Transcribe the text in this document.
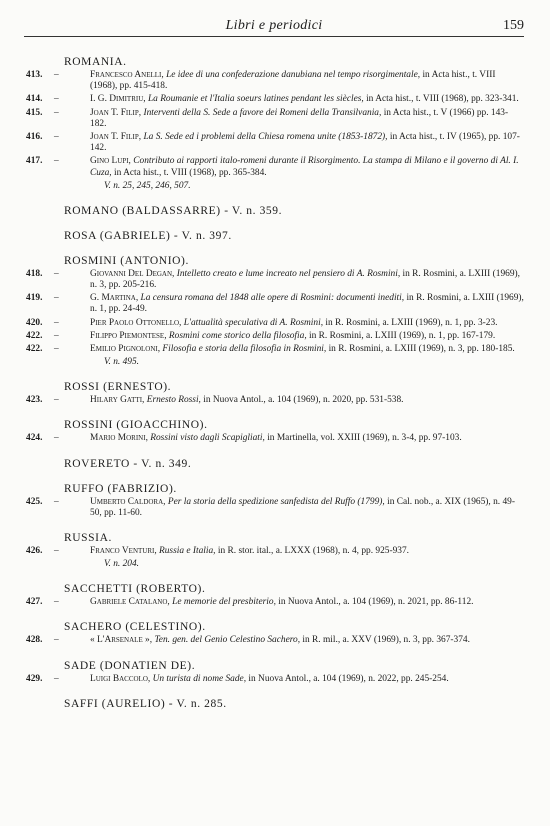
Libri e periodici	159
ROMANIA.
413. –	Francesco Anelli, Le idee di una confederazione danubiana nel tempo risorgimentale, in Acta hist., t. VIII (1968), pp. 415-418.
414. –	I. G. Dimitriu, La Roumanie et l'Italia soeurs latines pendant les siècles, in Acta hist., t. VIII (1968), pp. 323-341.
415. –	Joan T. Filip, Interventi della S. Sede a favore dei Romeni della Transilvania, in Acta hist., t. V (1966) pp. 143-182.
416. –	Joan T. Filip, La S. Sede ed i problemi della Chiesa romena unite (1853-1872), in Acta hist., t. IV (1965), pp. 107-142.
417. –	Gino Lupi, Contributo ai rapporti italo-romeni durante il Risorgimento. La stampa di Milano e il governo di Al. I. Cuza, in Acta hist., t. VIII (1968), pp. 365-384.
V. n. 25, 245, 246, 507.
ROMANO (BALDASSARRE) - V. n. 359.
ROSA (GABRIELE) - V. n. 397.
ROSMINI (ANTONIO).
418. –	Giovanni Del Degan, Intelletto creato e lume increato nel pensiero di A. Rosmini, in R. Rosmini, a. LXIII (1969), n. 3, pp. 205-216.
419. –	G. Martina, La censura romana del 1848 alle opere di Rosmini: documenti inediti, in R. Rosmini, a. LXIII (1969), n. 1, pp. 24-49.
420. –	Pier Paolo Ottonello, L'attualità speculativa di A. Rosmini, in R. Rosmini, a. LXIII (1969), n. 1, pp. 3-23.
422. –	Filippo Piemontese, Rosmini come storico della filosofia, in R. Rosmini, a. LXIII (1969), n. 1, pp. 167-179.
422. –	Emilio Pignoloni, Filosofia e storia della filosofia in Rosmini, in R. Rosmini, a. LXIII (1969), n. 3, pp. 180-185.
V. n. 495.
ROSSI (ERNESTO).
423. –	Hilary Gatti, Ernesto Rossi, in Nuova Antol., a. 104 (1969), n. 2020, pp. 531-538.
ROSSINI (GIOACCHINO).
424. –	Mario Morini, Rossini visto dagli Scapigliati, in Martinella, vol. XXIII (1969), n. 3-4, pp. 97-103.
ROVERETO - V. n. 349.
RUFFO (FABRIZIO).
425. –	Umberto Caldora, Per la storia della spedizione sanfedista del Ruffo (1799), in Cal. nob., a. XIX (1965), n. 49-50, pp. 11-60.
RUSSIA.
426. –	Franco Venturi, Russia e Italia, in R. stor. ital., a. LXXX (1968), n. 4, pp. 925-937.
V. n. 204.
SACCHETTI (ROBERTO).
427. –	Gabriele Catalano, Le memorie del presbiterio, in Nuova Antol., a. 104 (1969), n. 2021, pp. 86-112.
SACHERO (CELESTINO).
428. –	« L'Arsenale », Ten. gen. del Genio Celestino Sachero, in R. mil., a. XXV (1969), n. 3, pp. 367-374.
SADE (DONATIEN DE).
429. –	Luigi Baccolo, Un turista di nome Sade, in Nuova Antol., a. 104 (1969), n. 2022, pp. 245-254.
SAFFI (AURELIO) - V. n. 285.
